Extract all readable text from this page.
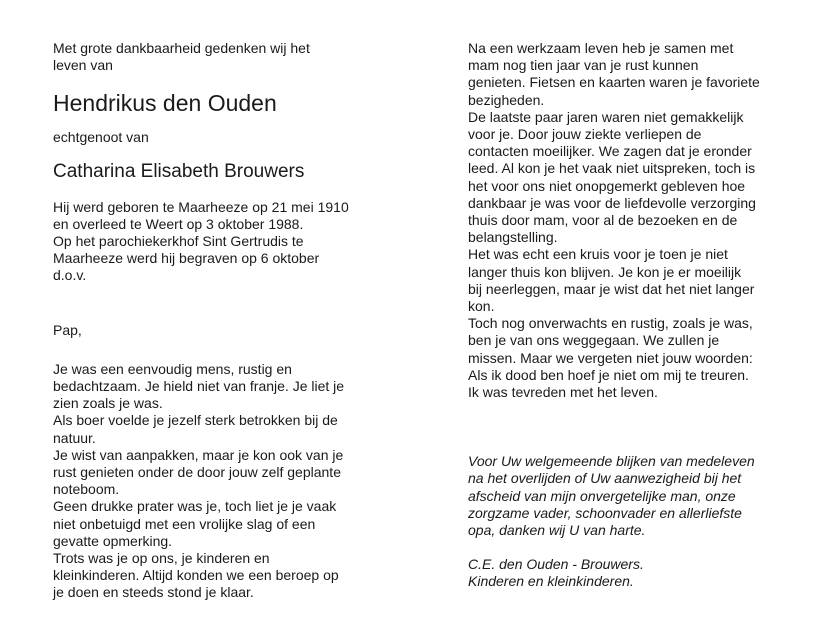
Met grote dankbaarheid gedenken wij het
leven van

Hendrikus den Ouden

echtgenoot van

Catharina Elisabeth Brouwers

Hij werd geboren te Maarheeze op 21 mei 1910
en overleed te Weert op 3 oktober 1988.
Op het parochiekerkhof Sint Gertrudis te
Maarheeze werd hij begraven op 6 oktober
d.o.v.

Pap,

Je was een eenvoudig mens, rustig en
bedachtzaam. Je hield niet van franje. Je liet je
zien zoals je was.
Als boer voelde je jezelf sterk betrokken bij de
natuur.
Je wist van aanpakken, maar je kon ook van je
rust genieten onder de door jouw zelf geplante
noteboom.
Geen drukke prater was je, toch liet je je vaak
niet onbetuigd met een vrolijke slag of een
gevatte opmerking.
Trots was je op ons, je kinderen en
kleinkinderen. Altijd konden we een beroep op
je doen en steeds stond je klaar.

Na een werkzaam leven heb je samen met
mam nog tien jaar van je rust kunnen
genieten. Fietsen en kaarten waren je favoriete
bezigheden.
De laatste paar jaren waren niet gemakkelijk
voor je. Door jouw ziekte verliepen de
contacten moeilijker. We zagen dat je eronder
leed. Al kon je het vaak niet uitspreken, toch is
het voor ons niet onopgemerkt gebleven hoe
dankbaar je was voor de liefdevolle verzorging
thuis door mam, voor al de bezoeken en de
belangstelling.
Het was echt een kruis voor je toen je niet
langer thuis kon blijven. Je kon je er moeilijk
bij neerleggen, maar je wist dat het niet langer
kon.
Toch nog onverwachts en rustig, zoals je was,
ben je van ons weggegaan. We zullen je
missen. Maar we vergeten niet jouw woorden:
Als ik dood ben hoef je niet om mij te treuren.
Ik was tevreden met het leven.

Voor Uw welgemeende blijken van medeleven
na het overlijden of Uw aanwezigheid bij het
afscheid van mijn onvergetelijke man, onze
zorgzame vader, schoonvader en allerliefste
opa, danken wij U van harte.

C.E. den Ouden - Brouwers.
Kinderen en kleinkinderen.
